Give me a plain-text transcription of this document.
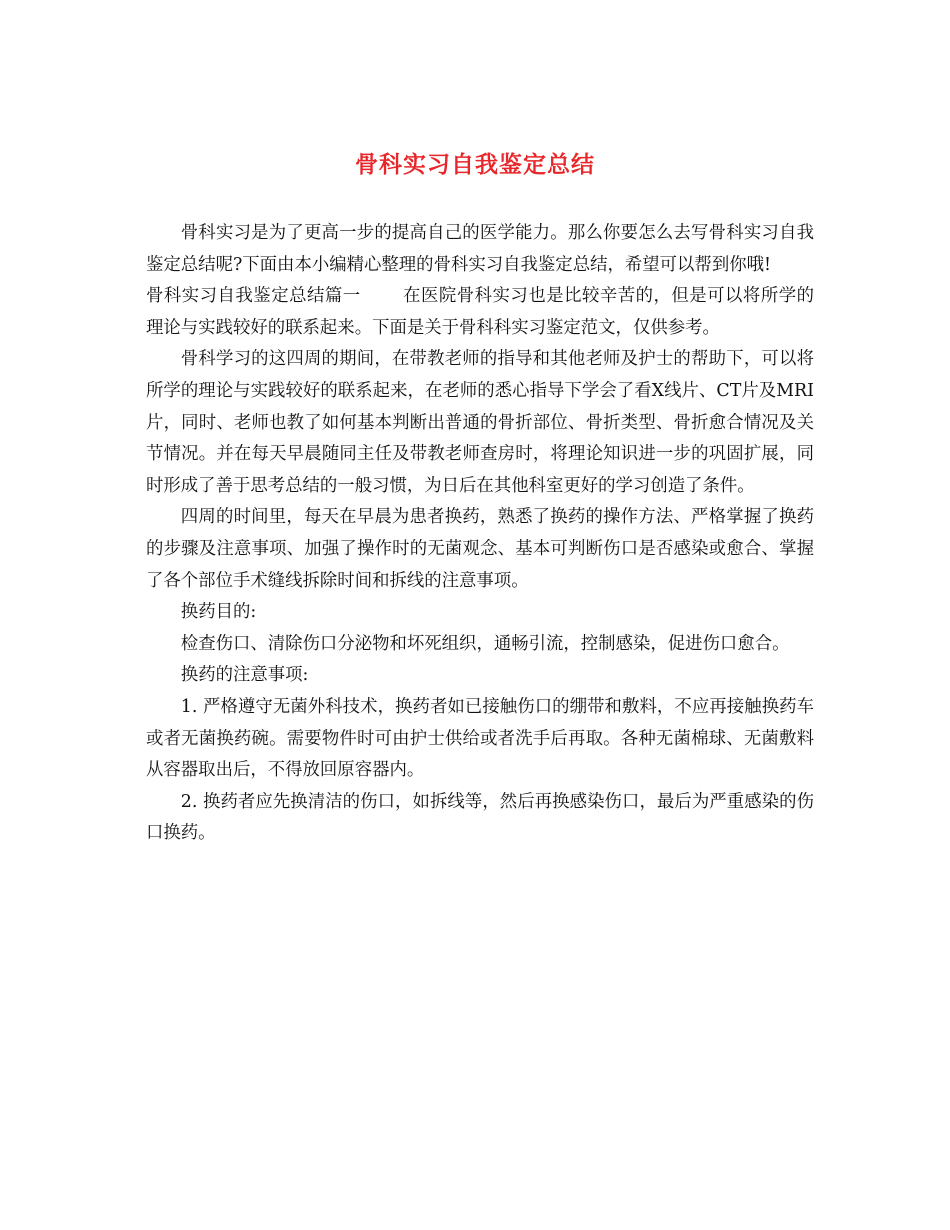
骨科实习自我鉴定总结

骨科实习是为了更高一步的提高自己的医学能力。那么你要怎么去写骨科实习自我鉴定总结呢?下面由本小编精心整理的骨科实习自我鉴定总结，希望可以帮到你哦!

骨科实习自我鉴定总结篇一 在医院骨科实习也是比较辛苦的，但是可以将所学的理论与实践较好的联系起来。下面是关于骨科科实习鉴定范文，仅供参考。

骨科学习的这四周的期间，在带教老师的指导和其他老师及护士的帮助下，可以将所学的理论与实践较好的联系起来，在老师的悉心指导下学会了看X线片、CT片及MRI片，同时、老师也教了如何基本判断出普通的骨折部位、骨折类型、骨折愈合情况及关节情况。并在每天早晨随同主任及带教老师查房时，将理论知识进一步的巩固扩展，同时形成了善于思考总结的一般习惯，为日后在其他科室更好的学习创造了条件。

四周的时间里，每天在早晨为患者换药，熟悉了换药的操作方法、严格掌握了换药的步骤及注意事项、加强了操作时的无菌观念、基本可判断伤口是否感染或愈合、掌握了各个部位手术缝线拆除时间和拆线的注意事项。

换药目的:

检查伤口、清除伤口分泌物和坏死组织，通畅引流，控制感染，促进伤口愈合。

换药的注意事项:

1. 严格遵守无菌外科技术，换药者如已接触伤口的绷带和敷料，不应再接触换药车或者无菌换药碗。需要物件时可由护士供给或者洗手后再取。各种无菌棉球、无菌敷料从容器取出后，不得放回原容器内。

2. 换药者应先换清洁的伤口，如拆线等，然后再换感染伤口，最后为严重感染的伤口换药。
